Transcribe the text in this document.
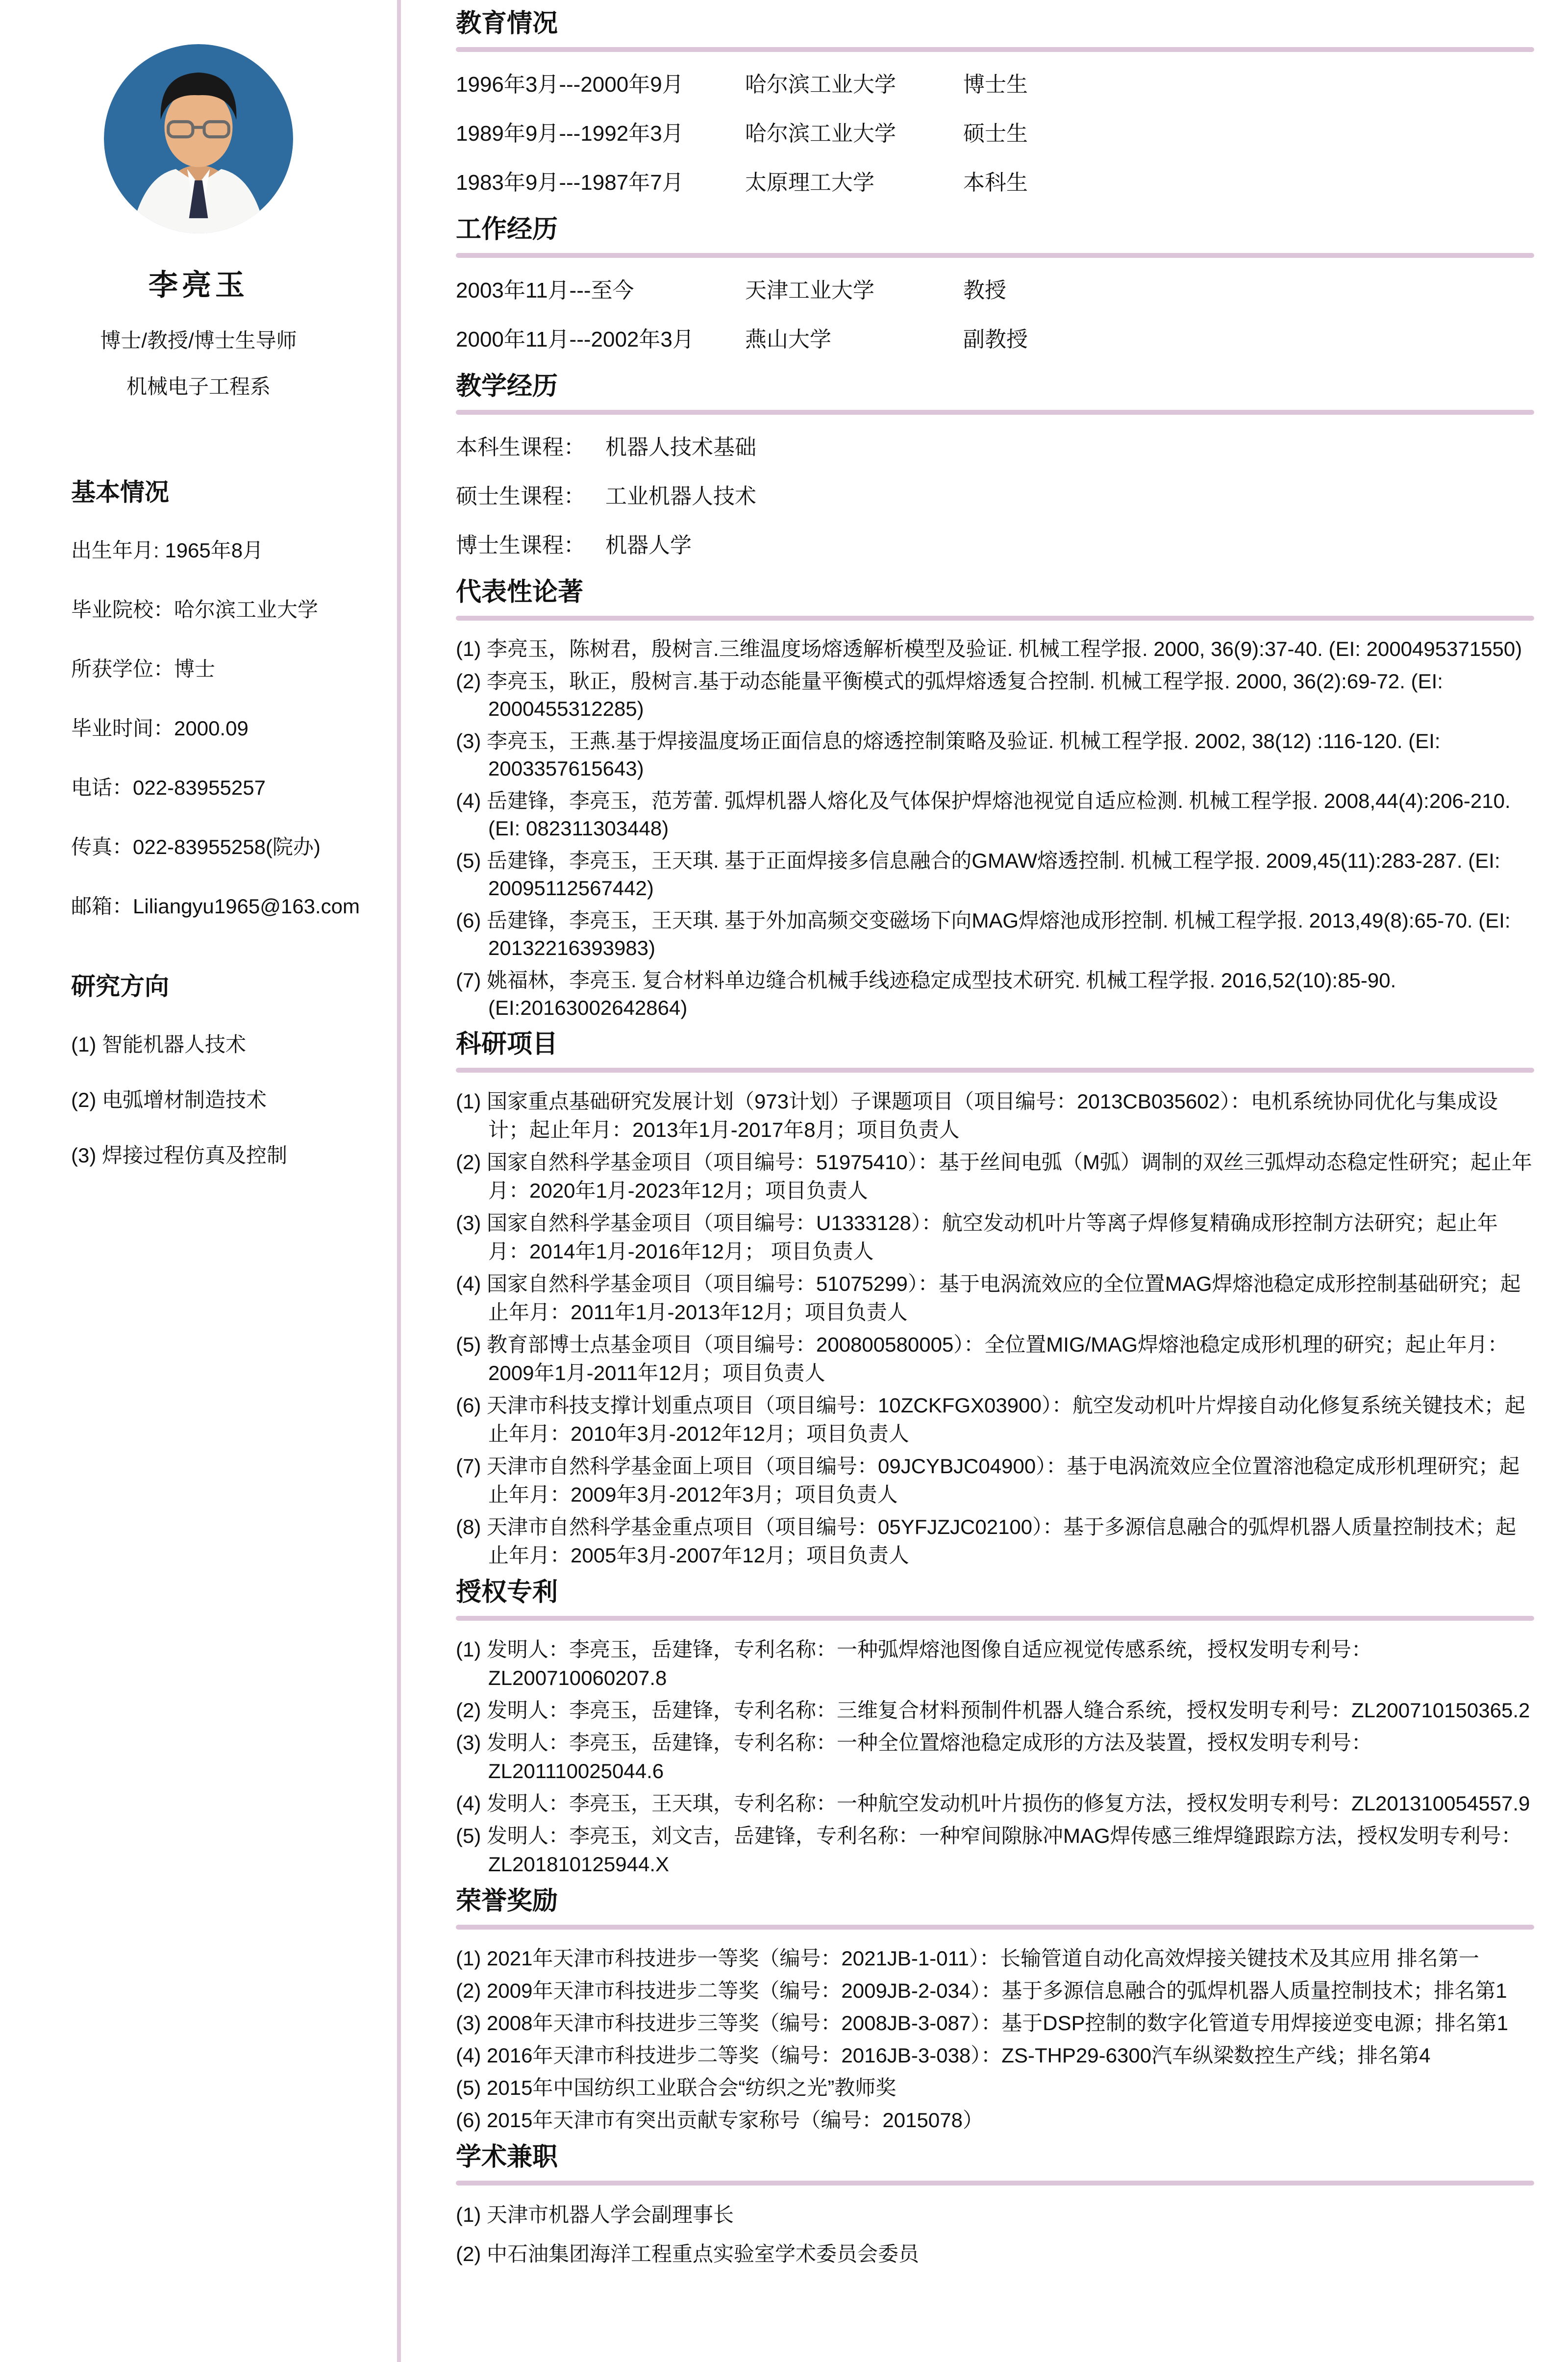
李亮玉
博士/教授/博士生导师
机械电子工程系
基本情况
出生年月: 1965年8月
毕业院校：哈尔滨工业大学
所获学位：博士
毕业时间：2000.09
电话：022-83955257
传真：022-83955258(院办)
邮箱：Liliangyu1965@163.com
研究方向
(1) 智能机器人技术
(2) 电弧增材制造技术
(3) 焊接过程仿真及控制
教育情况
1996年3月---2000年9月	哈尔滨工业大学	博士生
1989年9月---1992年3月	哈尔滨工业大学	硕士生
1983年9月---1987年7月	太原理工大学	本科生
工作经历
2003年11月---至今	天津工业大学	教授
2000年11月---2002年3月	燕山大学	副教授
教学经历
本科生课程： 机器人技术基础
硕士生课程： 工业机器人技术
博士生课程： 机器人学
代表性论著
(1) 李亮玉，陈树君，殷树言.三维温度场熔透解析模型及验证. 机械工程学报. 2000, 36(9):37-40. (EI: 2000495371550)
(2) 李亮玉，耿正，殷树言.基于动态能量平衡模式的弧焊熔透复合控制. 机械工程学报. 2000, 36(2):69-72. (EI: 2000455312285)
(3) 李亮玉，王燕.基于焊接温度场正面信息的熔透控制策略及验证. 机械工程学报. 2002, 38(12) :116-120. (EI: 2003357615643)
(4) 岳建锋，李亮玉，范芳蕾. 弧焊机器人熔化及气体保护焊熔池视觉自适应检测. 机械工程学报. 2008,44(4):206-210. (EI: 082311303448)
(5) 岳建锋，李亮玉，王天琪. 基于正面焊接多信息融合的GMAW熔透控制. 机械工程学报. 2009,45(11):283-287. (EI: 20095112567442)
(6) 岳建锋，李亮玉，王天琪. 基于外加高频交变磁场下向MAG焊熔池成形控制. 机械工程学报. 2013,49(8):65-70. (EI: 20132216393983)
(7) 姚福林，李亮玉. 复合材料单边缝合机械手线迹稳定成型技术研究. 机械工程学报. 2016,52(10):85-90. (EI:20163002642864)
科研项目
(1) 国家重点基础研究发展计划（973计划）子课题项目（项目编号：2013CB035602）：电机系统协同优化与集成设计；起止年月：2013年1月-2017年8月；项目负责人
(2) 国家自然科学基金项目（项目编号：51975410）：基于丝间电弧（M弧）调制的双丝三弧焊动态稳定性研究；起止年月：2020年1月-2023年12月；项目负责人
(3) 国家自然科学基金项目（项目编号：U1333128）：航空发动机叶片等离子焊修复精确成形控制方法研究；起止年月：2014年1月-2016年12月； 项目负责人
(4) 国家自然科学基金项目（项目编号：51075299）：基于电涡流效应的全位置MAG焊熔池稳定成形控制基础研究；起止年月：2011年1月-2013年12月；项目负责人
(5) 教育部博士点基金项目（项目编号：200800580005）：全位置MIG/MAG焊熔池稳定成形机理的研究；起止年月：2009年1月-2011年12月；项目负责人
(6) 天津市科技支撑计划重点项目（项目编号：10ZCKFGX03900）：航空发动机叶片焊接自动化修复系统关键技术；起止年月：2010年3月-2012年12月；项目负责人
(7) 天津市自然科学基金面上项目（项目编号：09JCYBJC04900）：基于电涡流效应全位置溶池稳定成形机理研究；起止年月：2009年3月-2012年3月；项目负责人
(8) 天津市自然科学基金重点项目（项目编号：05YFJZJC02100）：基于多源信息融合的弧焊机器人质量控制技术；起止年月：2005年3月-2007年12月；项目负责人
授权专利
(1) 发明人：李亮玉，岳建锋，专利名称：一种弧焊熔池图像自适应视觉传感系统，授权发明专利号：ZL200710060207.8
(2) 发明人：李亮玉，岳建锋，专利名称：三维复合材料预制件机器人缝合系统，授权发明专利号：ZL200710150365.2
(3) 发明人：李亮玉，岳建锋，专利名称：一种全位置熔池稳定成形的方法及装置，授权发明专利号：ZL201110025044.6
(4) 发明人：李亮玉，王天琪，专利名称：一种航空发动机叶片损伤的修复方法，授权发明专利号：ZL201310054557.9
(5) 发明人：李亮玉，刘文吉，岳建锋，专利名称：一种窄间隙脉冲MAG焊传感三维焊缝跟踪方法，授权发明专利号：ZL201810125944.X
荣誉奖励
(1) 2021年天津市科技进步一等奖（编号：2021JB-1-011）：长输管道自动化高效焊接关键技术及其应用 排名第一
(2) 2009年天津市科技进步二等奖（编号：2009JB-2-034）：基于多源信息融合的弧焊机器人质量控制技术；排名第1
(3) 2008年天津市科技进步三等奖（编号：2008JB-3-087）：基于DSP控制的数字化管道专用焊接逆变电源；排名第1
(4) 2016年天津市科技进步二等奖（编号：2016JB-3-038）：ZS-THP29-6300汽车纵梁数控生产线；排名第4
(5) 2015年中国纺织工业联合会“纺织之光”教师奖
(6) 2015年天津市有突出贡献专家称号（编号：2015078）
学术兼职
(1) 天津市机器人学会副理事长
(2) 中石油集团海洋工程重点实验室学术委员会委员
